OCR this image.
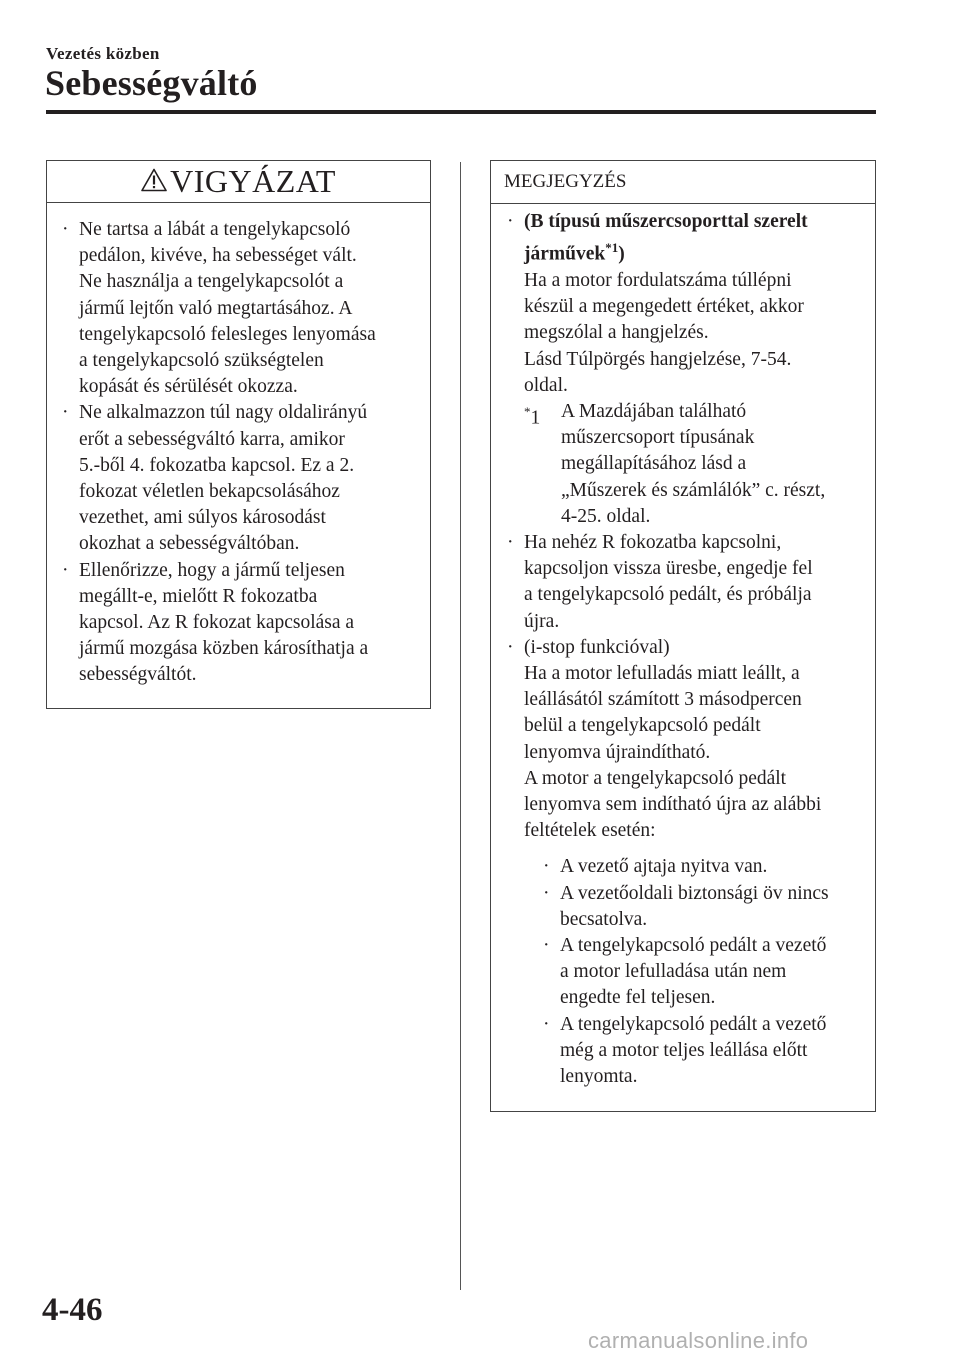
Vezetés közben
Sebességváltó
VIGYÁZAT
· Ne tartsa a lábát a tengelykapcsoló
pedálon, kivéve, ha sebességet vált.
Ne használja a tengelykapcsolót a
jármű lejtőn való megtartásához. A
tengelykapcsoló felesleges lenyomása
a tengelykapcsoló szükségtelen
kopását és sérülését okozza.
· Ne alkalmazzon túl nagy oldalirányú
erőt a sebességváltó karra, amikor
5.-ből 4. fokozatba kapcsol. Ez a 2.
fokozat véletlen bekapcsolásához
vezethet, ami súlyos károsodást
okozhat a sebességváltóban.
· Ellenőrizze, hogy a jármű teljesen
megállt-e, mielőtt R fokozatba
kapcsol. Az R fokozat kapcsolása a
jármű mozgása közben károsíthatja a
sebességváltót.
MEGJEGYZÉS
· (B típusú műszercsoporttal szerelt
járművek$^{*1}$)
Ha a motor fordulatszáma túllépni
készül a megengedett értéket, akkor
megszólal a hangjelzés.
Lásd Túlpörgés hangjelzése, 7-54.
oldal.
*1	A Mazdájában található
műszercsoport típusának
megállapításához lásd a
„Műszerek és számlálók” c. részt,
4-25. oldal.
· Ha nehéz R fokozatba kapcsolni,
kapcsoljon vissza üresbe, engedje fel
a tengelykapcsoló pedált, és próbálja
újra.
· (i-stop funkcióval)
Ha a motor lefulladás miatt leállt, a
leállásától számított 3 másodpercen
belül a tengelykapcsoló pedált
lenyomva újraindítható.
A motor a tengelykapcsoló pedált
lenyomva sem indítható újra az alábbi
feltételek esetén:
· A vezető ajtaja nyitva van.
· A vezetőoldali biztonsági öv nincs
becsatolva.
· A tengelykapcsoló pedált a vezető
a motor lefulladása után nem
engedte fel teljesen.
· A tengelykapcsoló pedált a vezető
még a motor teljes leállása előtt
lenyomta.
4-46
carmanualsonline.info
